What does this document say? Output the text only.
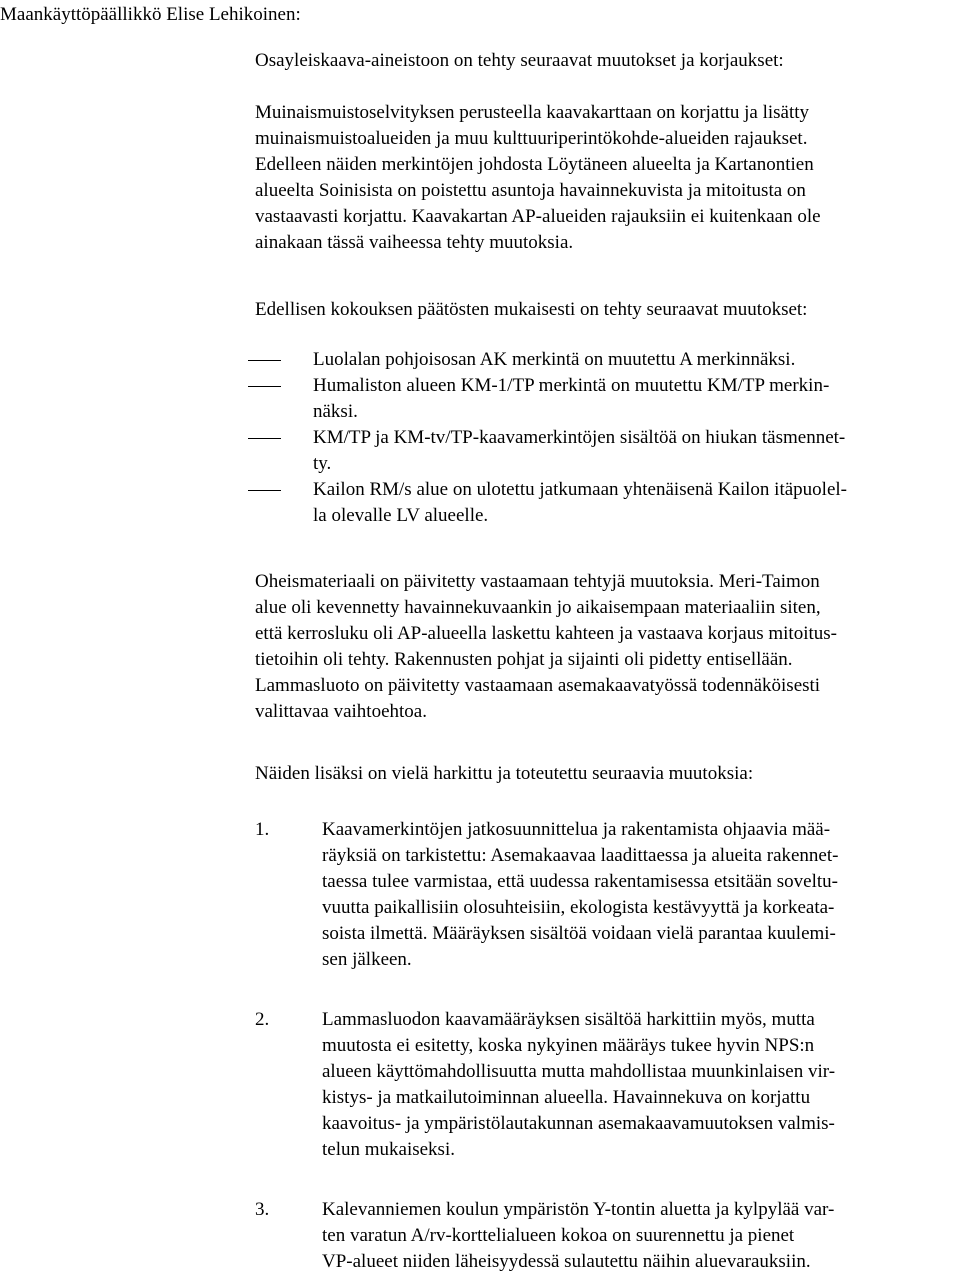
Maankäyttöpäällikkö Elise Lehikoinen:
Osayleiskaava-aineistoon on tehty seuraavat muutokset ja korjaukset:
Muinaismuistoselvityksen perusteella kaavakarttaan on korjattu ja lisätty
muinaismuistoalueiden ja muu kulttuuriperintökohde-alueiden rajaukset.
Edelleen näiden merkintöjen johdosta Löytäneen alueelta ja Kartanontien
alueelta Soinisista on poistettu asuntoja havainnekuvista ja mitoitusta on
vastaavasti korjattu. Kaavakartan AP-alueiden rajauksiin ei kuitenkaan ole
ainakaan tässä vaiheessa tehty muutoksia.
Edellisen kokouksen päätösten mukaisesti on tehty seuraavat muutokset:
Luolalan pohjoisosan AK merkintä on muutettu A merkinnäksi.
Humaliston alueen KM-1/TP merkintä on muutettu KM/TP merkin-
näksi.
KM/TP ja KM-tv/TP-kaavamerkintöjen sisältöä on hiukan täsmennet-
ty.
Kailon RM/s alue on ulotettu jatkumaan yhtenäisenä Kailon itäpuolel-
la olevalle LV alueelle.
Oheismateriaali on päivitetty vastaamaan tehtyjä muutoksia. Meri-Taimon
alue oli kevennetty havainnekuvaankin jo aikaisempaan materiaaliin siten,
että kerrosluku oli AP-alueella laskettu kahteen ja vastaava korjaus mitoitus-
tietoihin oli tehty. Rakennusten pohjat ja sijainti oli pidetty entisellään.
Lammasluoto on päivitetty vastaamaan asemakaavatyössä todennäköisesti
valittavaa vaihtoehtoa.
Näiden lisäksi on vielä harkittu ja toteutettu seuraavia muutoksia:
1.	Kaavamerkintöjen jatkosuunnittelua ja rakentamista ohjaavia mää-
räyksiä on tarkistettu: Asemakaavaa laadittaessa ja alueita rakennet-
taessa tulee varmistaa, että uudessa rakentamisessa etsitään soveltu-
vuutta paikallisiin olosuhteisiin, ekologista kestävyyttä ja korkeata-
soista ilmettä. Määräyksen sisältöä voidaan vielä parantaa kuulemi-
sen jälkeen.
2.	Lammasluodon kaavamääräyksen sisältöä harkittiin myös, mutta
muutosta ei esitetty, koska nykyinen määräys tukee hyvin NPS:n
alueen käyttömahdollisuutta mutta mahdollistaa muunkinlaisen vir-
kistys- ja matkailutoiminnan alueella. Havainnekuva on korjattu
kaavoitus- ja ympäristölautakunnan asemakaavamuutoksen valmis-
telun mukaiseksi.
3.	Kalevanniemen koulun ympäristön Y-tontin aluetta ja kylpylää var-
ten varatun A/rv-korttelialueen kokoa on suurennettu ja pienet
VP-alueet niiden läheisyydessä sulautettu näihin aluevarauksiin.
